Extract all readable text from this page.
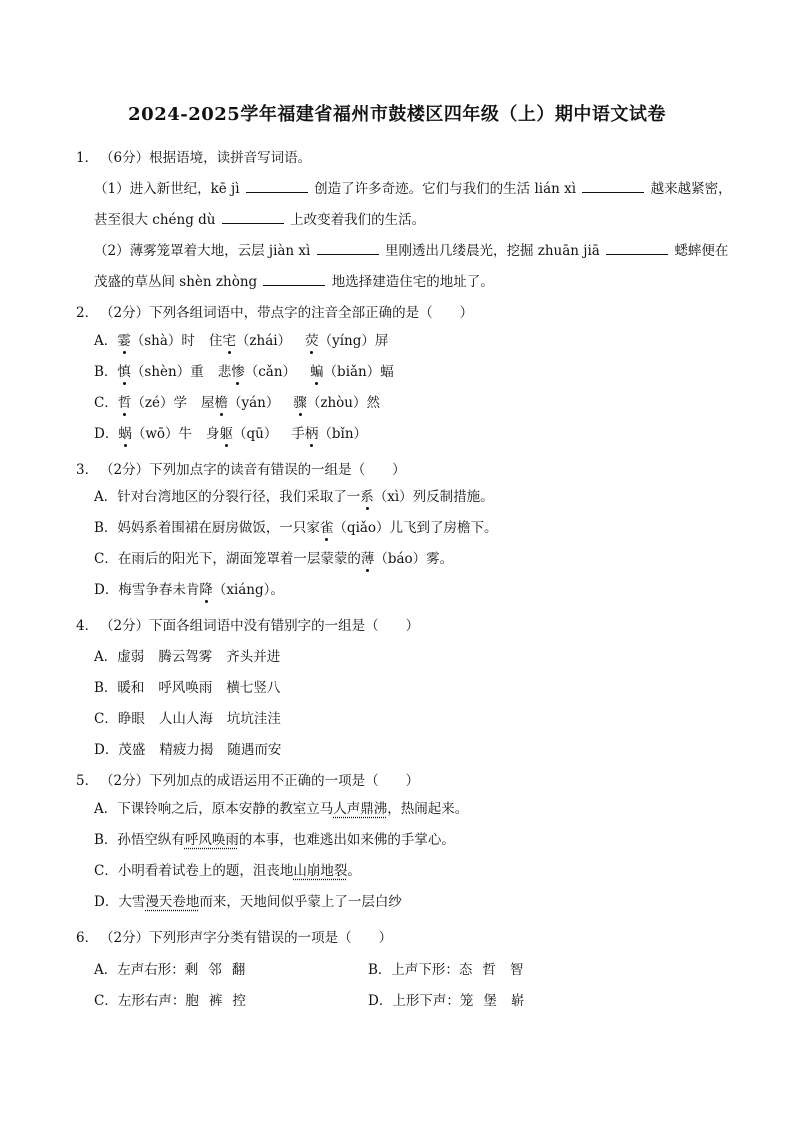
2024-2025学年福建省福州市鼓楼区四年级（上）期中语文试卷
1． （6分）根据语境，读拼音写词语。
（1）进入新世纪，kē jì	创造了许多奇迹。它们与我们的生活 lián xì	越来越紧密，
甚至很大 chéng dù	上改变着我们的生活。
（2）薄雾笼罩着大地，云层 jiàn xì	里刚透出几缕晨光，挖掘 zhuān jiā	蟋蟀便在
茂盛的草丛间 shèn zhòng	地选择建造住宅的地址了。
2． （2分）下列各组词语中，带点字的注音全部正确的是（　　）
A．霎（shà）时 住宅（zhái） 荧（yíng）屏
B．慎（shèn）重 悲惨（cǎn） 蝙（biǎn）蝠
C．哲（zé）学 屋檐（yán） 骤（zhòu）然
D．蜗（wō）牛 身躯（qū） 手柄（bǐn）
3． （2分）下列加点字的读音有错误的一组是（　　）
A．针对台湾地区的分裂行径，我们采取了一系（xì）列反制措施。
B．妈妈系着围裙在厨房做饭，一只家雀（qiǎo）儿飞到了房檐下。
C．在雨后的阳光下，湖面笼罩着一层蒙蒙的薄（báo）雾。
D．梅雪争春未肯降（xiáng）。
4． （2分）下面各组词语中没有错别字的一组是（　　）
A．虚弱 腾云驾雾 齐头并进
B．暖和 呼风唤雨 横七竖八
C．睁眼 人山人海 坑坑洼洼
D．茂盛 精疲力揭 随遇而安
5． （2分）下列加点的成语运用不正确的一项是（　　）
A．下课铃响之后，原本安静的教室立马人声鼎沸，热闹起来。
B．孙悟空纵有呼风唤雨的本事，也难逃出如来佛的手掌心。
C．小明看着试卷上的题，沮丧地山崩地裂。
D．大雪漫天卷地而来，天地间似乎蒙上了一层白纱
6． （2分）下列形声字分类有错误的一项是（　　）
A．左声右形：剩 邻 翻	B．上声下形：态 哲 智
C．左形右声：胞 裤 控	D．上形下声：笼 堡 崭
